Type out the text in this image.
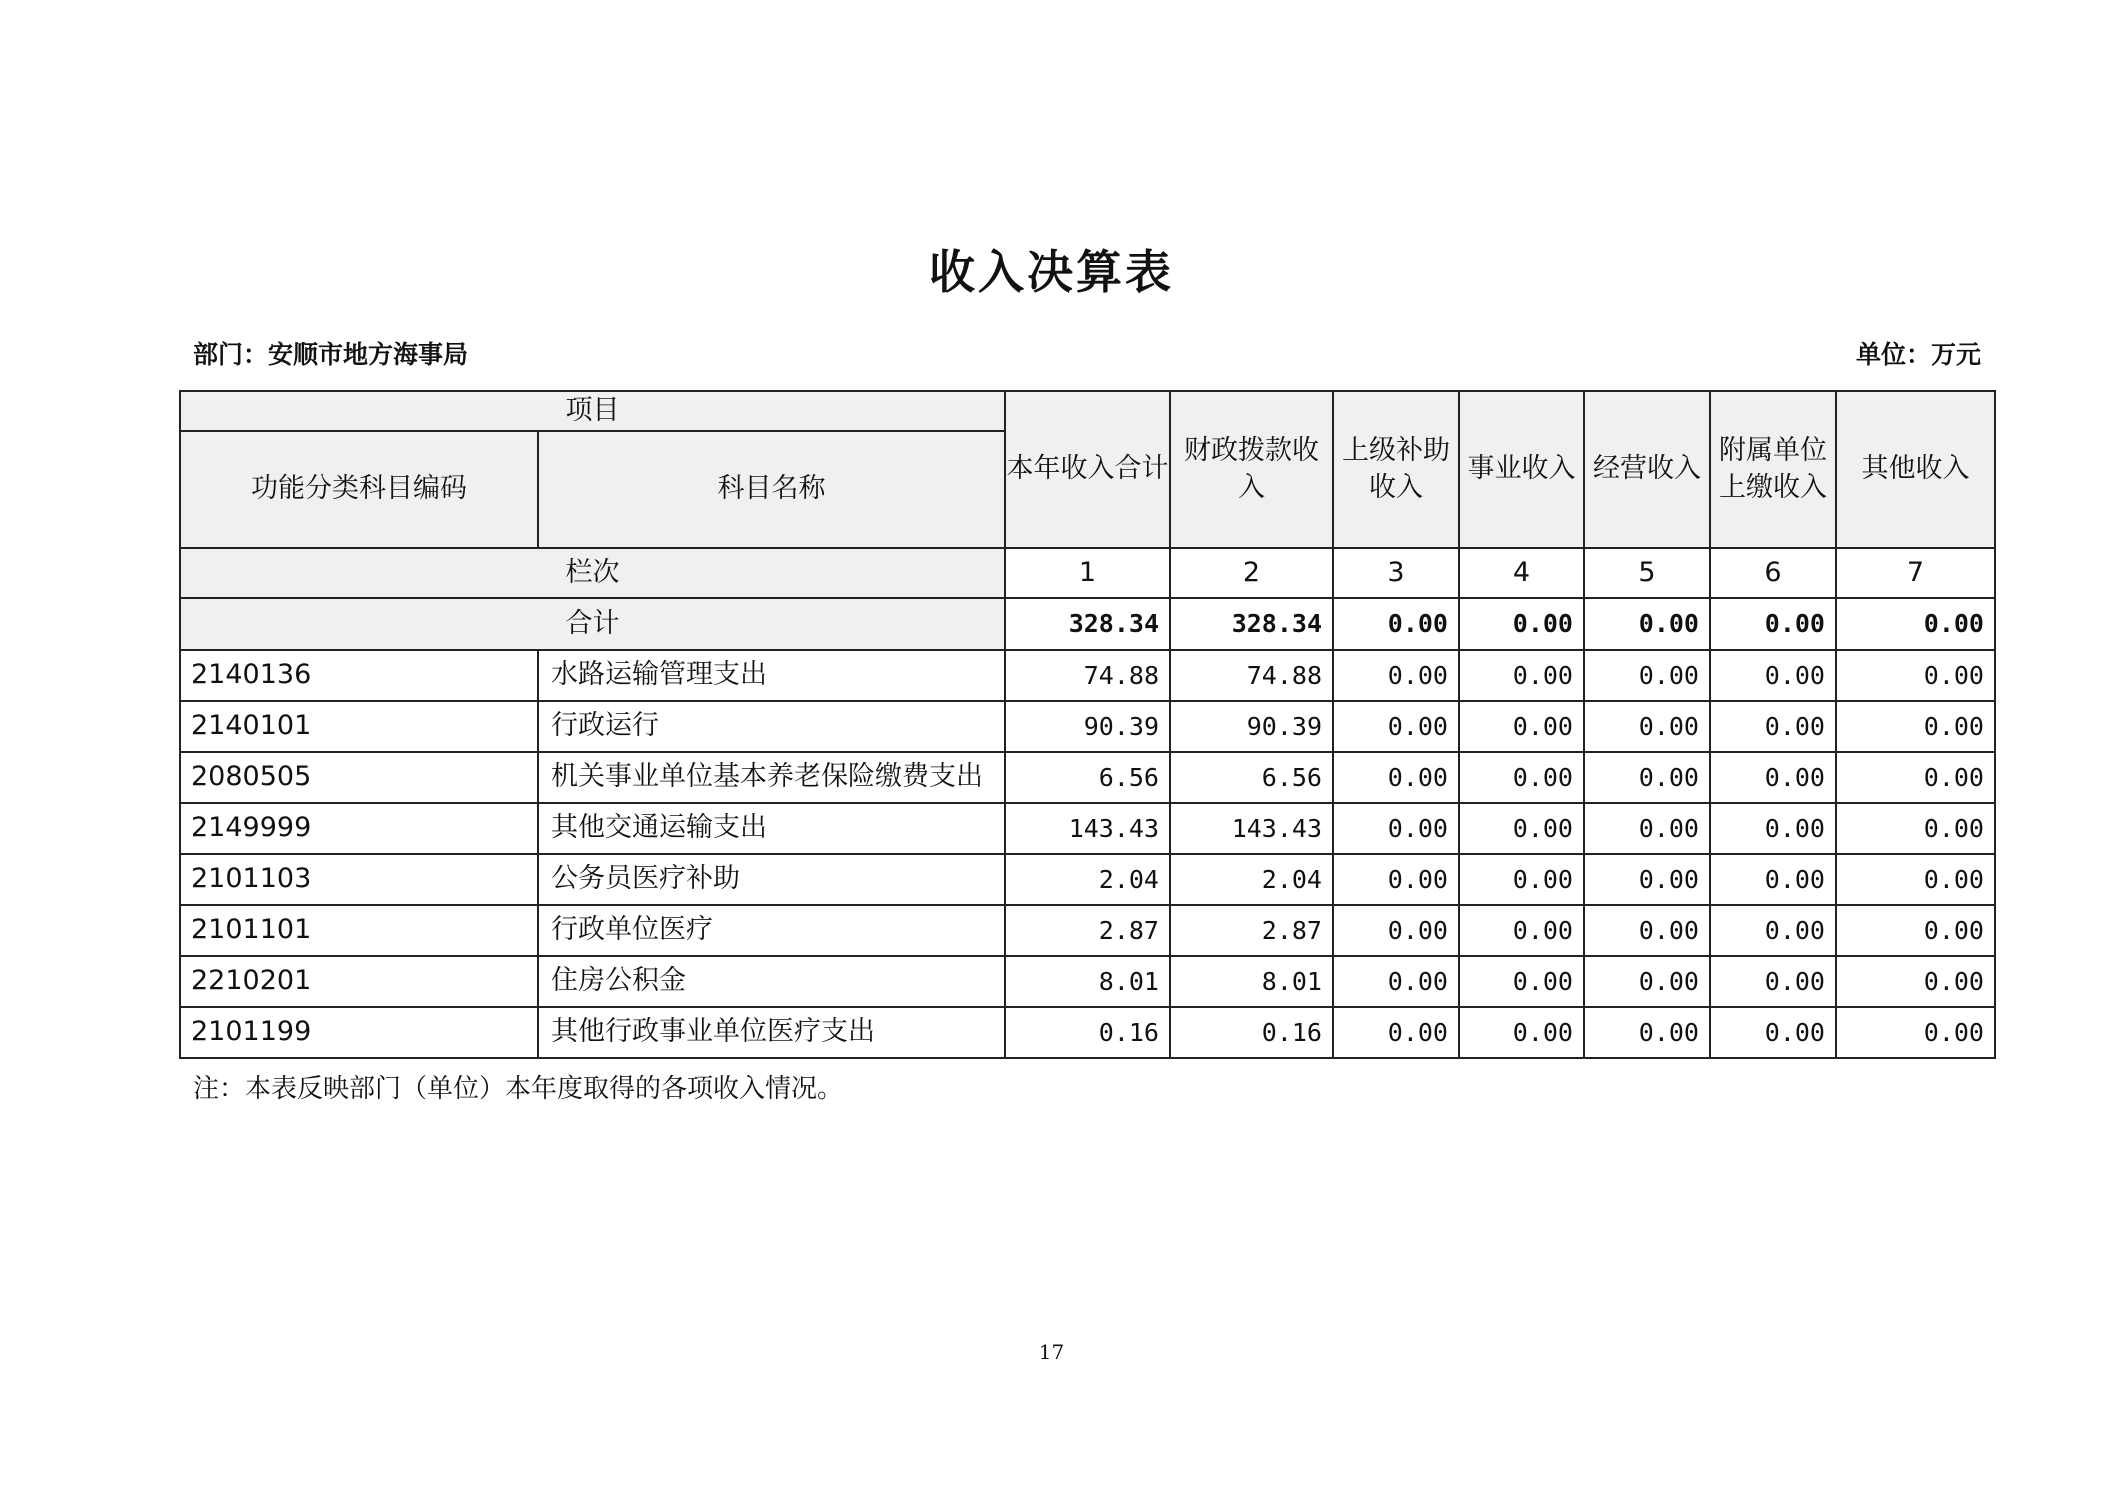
收入决算表
部门：安顺市地方海事局	单位：万元
项目		本年收入合计	财政拨款收入	上级补助收入	事业收入	经营收入	附属单位上缴收入	其他收入
功能分类科目编码	科目名称							
栏次		1	2	3	4	5	6	7
合计		328.34	328.34	0.00	0.00	0.00	0.00	0.00
2140136	水路运输管理支出	74.88	74.88	0.00	0.00	0.00	0.00	0.00
2140101	行政运行	90.39	90.39	0.00	0.00	0.00	0.00	0.00
2080505	机关事业单位基本养老保险缴费支出	6.56	6.56	0.00	0.00	0.00	0.00	0.00
2149999	其他交通运输支出	143.43	143.43	0.00	0.00	0.00	0.00	0.00
2101103	公务员医疗补助	2.04	2.04	0.00	0.00	0.00	0.00	0.00
2101101	行政单位医疗	2.87	2.87	0.00	0.00	0.00	0.00	0.00
2210201	住房公积金	8.01	8.01	0.00	0.00	0.00	0.00	0.00
2101199	其他行政事业单位医疗支出	0.16	0.16	0.00	0.00	0.00	0.00	0.00
注：本表反映部门（单位）本年度取得的各项收入情况。
17
